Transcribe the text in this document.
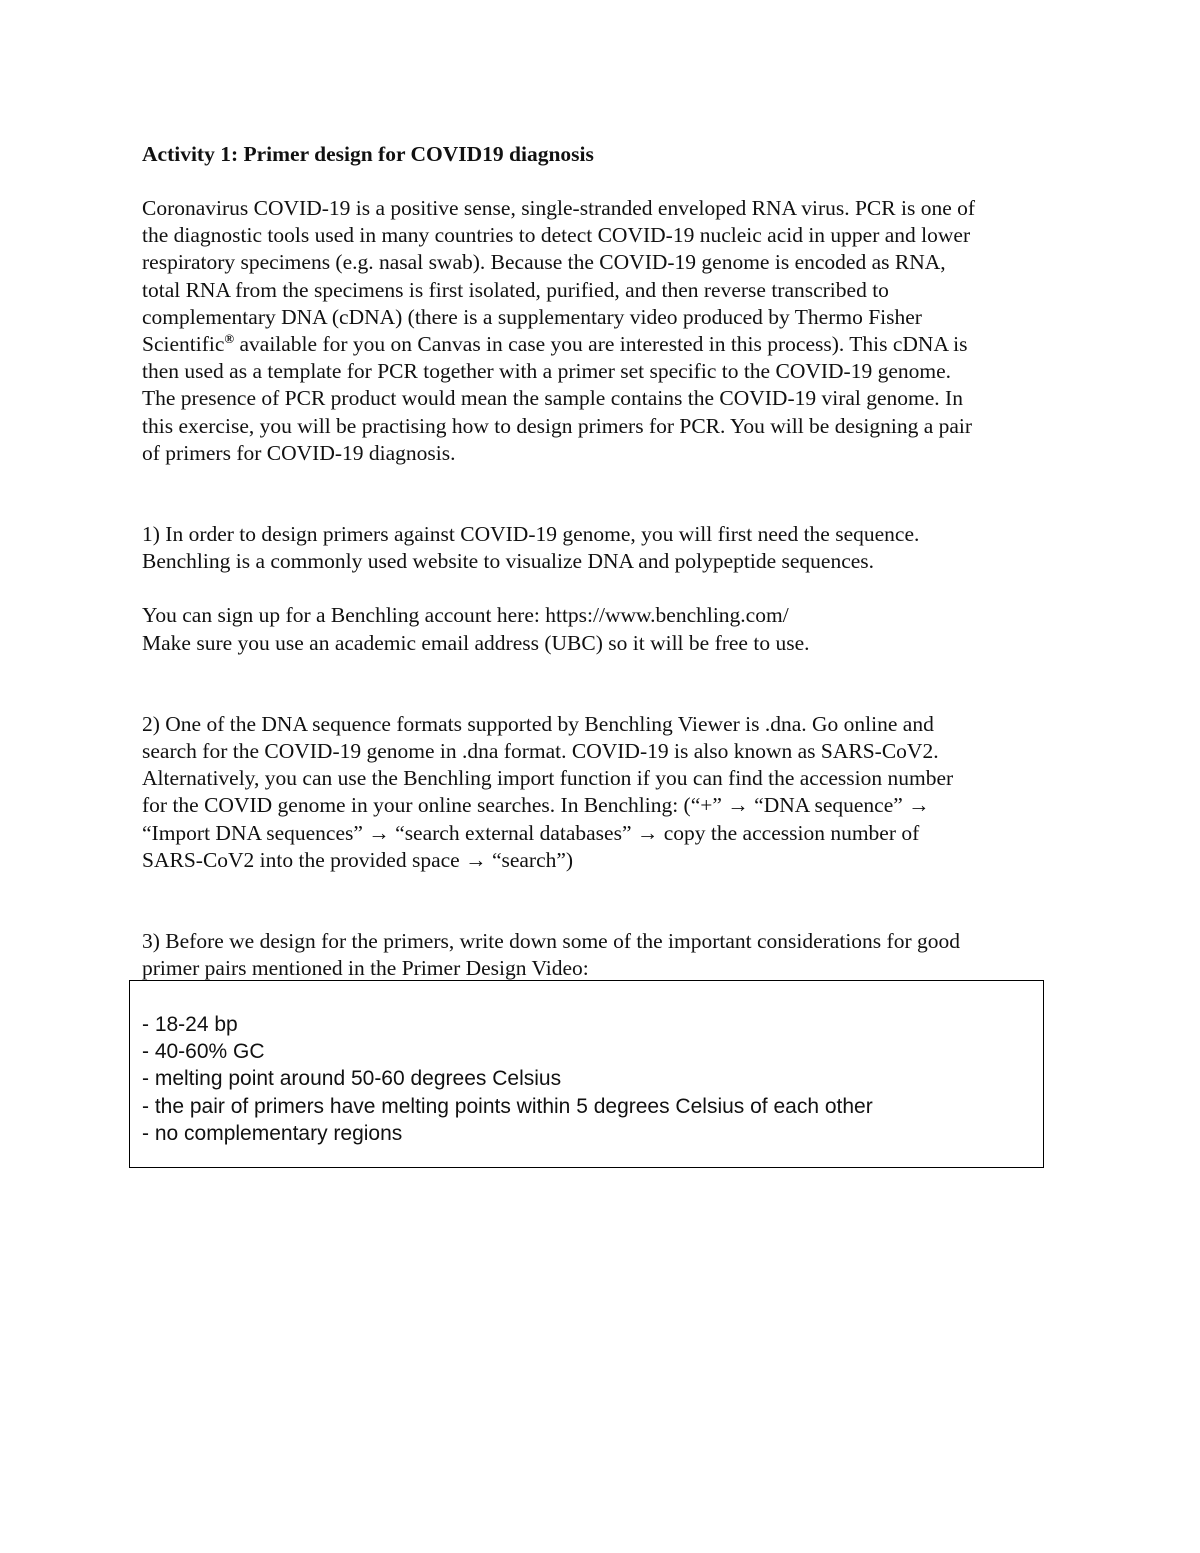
Activity 1: Primer design for COVID19 diagnosis

Coronavirus COVID-19 is a positive sense, single-stranded enveloped RNA virus. PCR is one of
the diagnostic tools used in many countries to detect COVID-19 nucleic acid in upper and lower
respiratory specimens (e.g. nasal swab). Because the COVID-19 genome is encoded as RNA,
total RNA from the specimens is first isolated, purified, and then reverse transcribed to
complementary DNA (cDNA) (there is a supplementary video produced by Thermo Fisher
Scientific® available for you on Canvas in case you are interested in this process). This cDNA is
then used as a template for PCR together with a primer set specific to the COVID-19 genome.
The presence of PCR product would mean the sample contains the COVID-19 viral genome. In
this exercise, you will be practising how to design primers for PCR. You will be designing a pair
of primers for COVID-19 diagnosis.

1) In order to design primers against COVID-19 genome, you will first need the sequence.
Benchling is a commonly used website to visualize DNA and polypeptide sequences.

You can sign up for a Benchling account here: https://www.benchling.com/
Make sure you use an academic email address (UBC) so it will be free to use.

2) One of the DNA sequence formats supported by Benchling Viewer is .dna. Go online and
search for the COVID-19 genome in .dna format. COVID-19 is also known as SARS-CoV2.
Alternatively, you can use the Benchling import function if you can find the accession number
for the COVID genome in your online searches. In Benchling: (“+” → “DNA sequence” →
“Import DNA sequences” → “search external databases” → copy the accession number of
SARS-CoV2 into the provided space → “search”)

3) Before we design for the primers, write down some of the important considerations for good
primer pairs mentioned in the Primer Design Video:

- 18-24 bp
- 40-60% GC
- melting point around 50-60 degrees Celsius
- the pair of primers have melting points within 5 degrees Celsius of each other
- no complementary regions
